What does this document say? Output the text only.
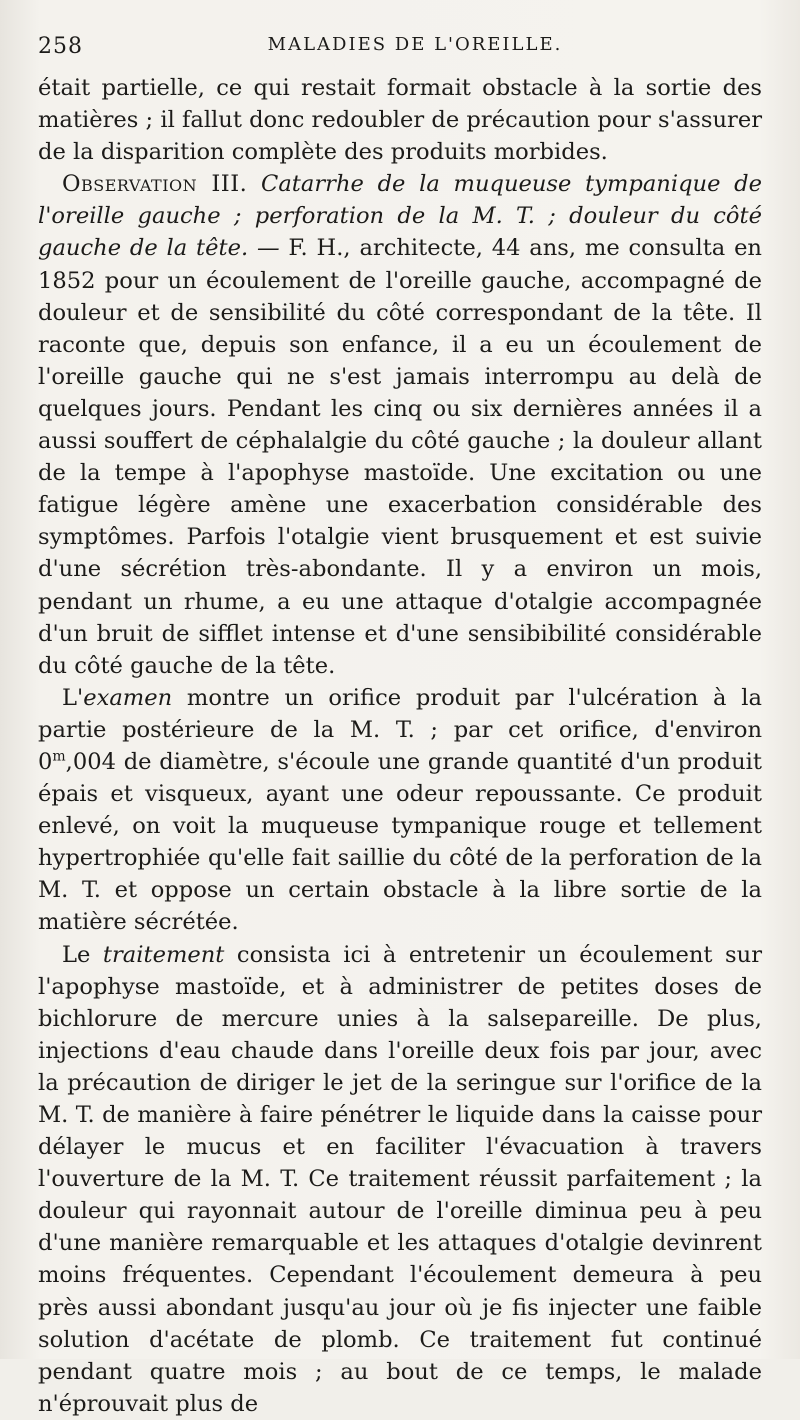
258	MALADIES DE L'OREILLE.

était partielle, ce qui restait formait obstacle à la sortie des matières ; il fallut donc redoubler de précaution pour s'assurer de la disparition complète des produits morbides.

Observation III. Catarrhe de la muqueuse tympanique de l'oreille gauche ; perforation de la M. T. ; douleur du côté gauche de la tête. — F. H., architecte, 44 ans, me consulta en 1852 pour un écoulement de l'oreille gauche, accompagné de douleur et de sensibilité du côté correspondant de la tête. Il raconte que, depuis son enfance, il a eu un écoulement de l'oreille gauche qui ne s'est jamais interrompu au delà de quelques jours. Pendant les cinq ou six dernières années il a aussi souffert de céphalalgie du côté gauche ; la douleur allant de la tempe à l'apophyse mastoïde. Une excitation ou une fatigue légère amène une exacerbation considérable des symptômes. Parfois l'otalgie vient brusquement et est suivie d'une sécrétion très-abondante. Il y a environ un mois, pendant un rhume, a eu une attaque d'otalgie accompagnée d'un bruit de sifflet intense et d'une sensibibilité considérable du côté gauche de la tête.

L'examen montre un orifice produit par l'ulcération à la partie postérieure de la M. T. ; par cet orifice, d'environ 0$^m$,004 de diamètre, s'écoule une grande quantité d'un produit épais et visqueux, ayant une odeur repoussante. Ce produit enlevé, on voit la muqueuse tympanique rouge et tellement hypertrophiée qu'elle fait saillie du côté de la perforation de la M. T. et oppose un certain obstacle à la libre sortie de la matière sécrétée.

Le traitement consista ici à entretenir un écoulement sur l'apophyse mastoïde, et à administrer de petites doses de bichlorure de mercure unies à la salsepareille. De plus, injections d'eau chaude dans l'oreille deux fois par jour, avec la précaution de diriger le jet de la seringue sur l'orifice de la M. T. de manière à faire pénétrer le liquide dans la caisse pour délayer le mucus et en faciliter l'évacuation à travers l'ouverture de la M. T. Ce traitement réussit parfaitement ; la douleur qui rayonnait autour de l'oreille diminua peu à peu d'une manière remarquable et les attaques d'otalgie devinrent moins fréquentes. Cependant l'écoulement demeura à peu près aussi abondant jusqu'au jour où je fis injecter une faible solution d'acétate de plomb. Ce traitement fut continué pendant quatre mois ; au bout de ce temps, le malade n'éprouvait plus de
